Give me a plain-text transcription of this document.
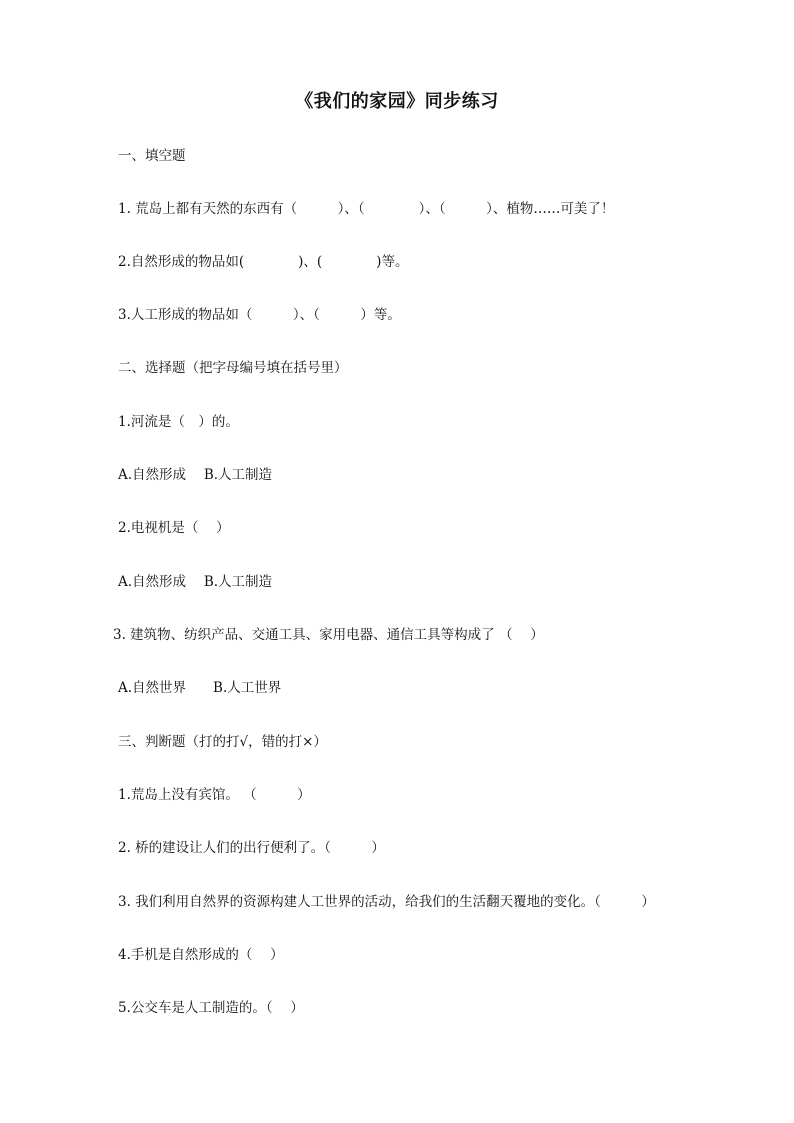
《我们的家园》同步练习
一、填空题
1. 荒岛上都有天然的东西有（　　　）、（　　　　）、（　　　）、植物……可美了！
2.自然形成的物品如(　　　　)、(　　　　)等。
3.人工形成的物品如（　　　）、（　　　）等。
二、选择题（把字母编号填在括号里）
1.河流是（　）的。
A.自然形成　 B.人工制造
2.电视机是（　 ）
A.自然形成　 B.人工制造
3. 建筑物、纺织产品、交通工具、家用电器、通信工具等构成了 （　 ）
A.自然世界　　B.人工世界
三、判断题（打的打√，错的打×）
1.荒岛上没有宾馆。 （　　　）
2. 桥的建设让人们的出行便利了。（　　　）
3. 我们利用自然界的资源构建人工世界的活动，给我们的生活翻天覆地的变化。（　　　）
4.手机是自然形成的（　 ）
5.公交车是人工制造的。（　 ）
